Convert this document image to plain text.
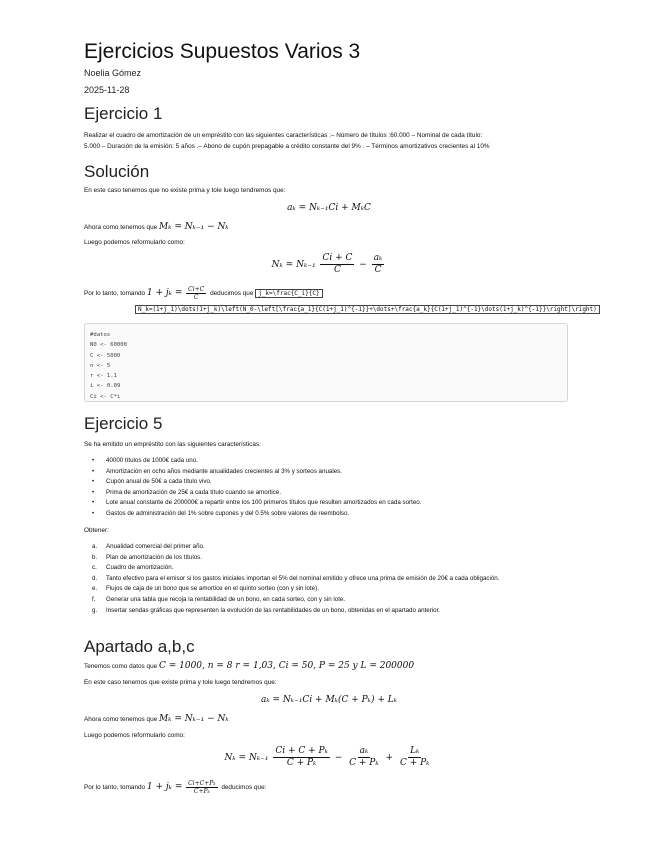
Ejercicios Supuestos Varios 3
Noelia Gómez
2025-11-28
Ejercicio 1
Realizar el cuadro de amortización de un empréstito con las siguientes características :– Número de títulos :60.000 – Nominal de cada título:
5.000 – Duración de la emisión: 5 años .– Abono de cupón prepagable a crédito constante del 9% . – Términos amortizativos crecientes al 10%
Solución
En este caso tenemos que no existe prima y tole luego tendremos que:
aₖ = Nₖ₋₁Ci + MₖC
Ahora como tenemos que Mₖ = Nₖ₋₁ − Nₖ
Luego podemos reformularlo como:
$N_k = N_{k-1} \frac{Ci + C}{C} - \frac{\text{aₖ}}{C}$
Por lo tanto, tomando $1 + j_k = \frac{Ci+C}{C}$ deducimos que j_k=\frac{C_i}{C}
N_k=(1+j_1)\dots(1+j_k)\left(N_0-\left[\frac{a_1}{C(1+j_1)^{-1}}+\dots+\frac{a_k}{C(1+j_1)^{-1}\dots(1+j_k)^{-1}}\right]\right)
#datos
N0 <- 60000
C <- 5000
n <- 5
r <- 1.1
i <- 0.09
Ci <- C*i
Ejercicio 5
Se ha emitido un empréstito con las siguientes características:
• 40000 títulos de 1000€ cada uno.
• Amortización en ocho años mediante anualidades crecientes al 3% y sorteos anuales.
• Cupón anual de 50€ a cada título vivo.
• Prima de amortización de 25€ a cada título cuando se amortice.
• Lote anual constante de 200000€ a repartir entre los 100 primeros títulos que resulten amortizados en cada sorteo.
• Gastos de administración del 1% sobre cupones y del 0.5% sobre valores de reembolso.
Obtener:
a. Anualidad comercial del primer año.
b. Plan de amortización de los títulos.
c. Cuadro de amortización.
d. Tanto efectivo para el emisor si los gastos iniciales importan el 5% del nominal emitido y ofrece una prima de emisión de 20€ a cada obligación.
e. Flujos de caja de un bono que se amortice en el quinto sorteo (con y sin lote).
f. Generar una tabla que recoja la rentabilidad de un bono, en cada sorteo, con y sin lote.
g. Insertar sendas gráficas que representen la evolución de las rentabilidades de un bono, obtenidas en el apartado anterior.
Apartado a,b,c
Tenemos como datos que C = 1000, n = 8 r = 1,03, Ci = 50, P = 25 y L = 200000
En este caso tenemos que existe prima y tole luego tendremos que:
aₖ = Nₖ₋₁Ci + Mₖ(C + Pₖ) + Lₖ
Ahora como tenemos que Mₖ = Nₖ₋₁ − Nₖ
Luego podemos reformularlo como:
$N_k = N_{k-1} \frac{\text{Ci + C + Pₖ}}{\text{C + Pₖ}} - \frac{\text{aₖ}}{\text{C + Pₖ}} + \frac{\text{Lₖ}}{\text{C + Pₖ}}$
Por lo tanto, tomando $1 + j_k = \frac{\text{Ci+C+Pₖ}}{\text{C+Pₖ}}$ deducimos que:
